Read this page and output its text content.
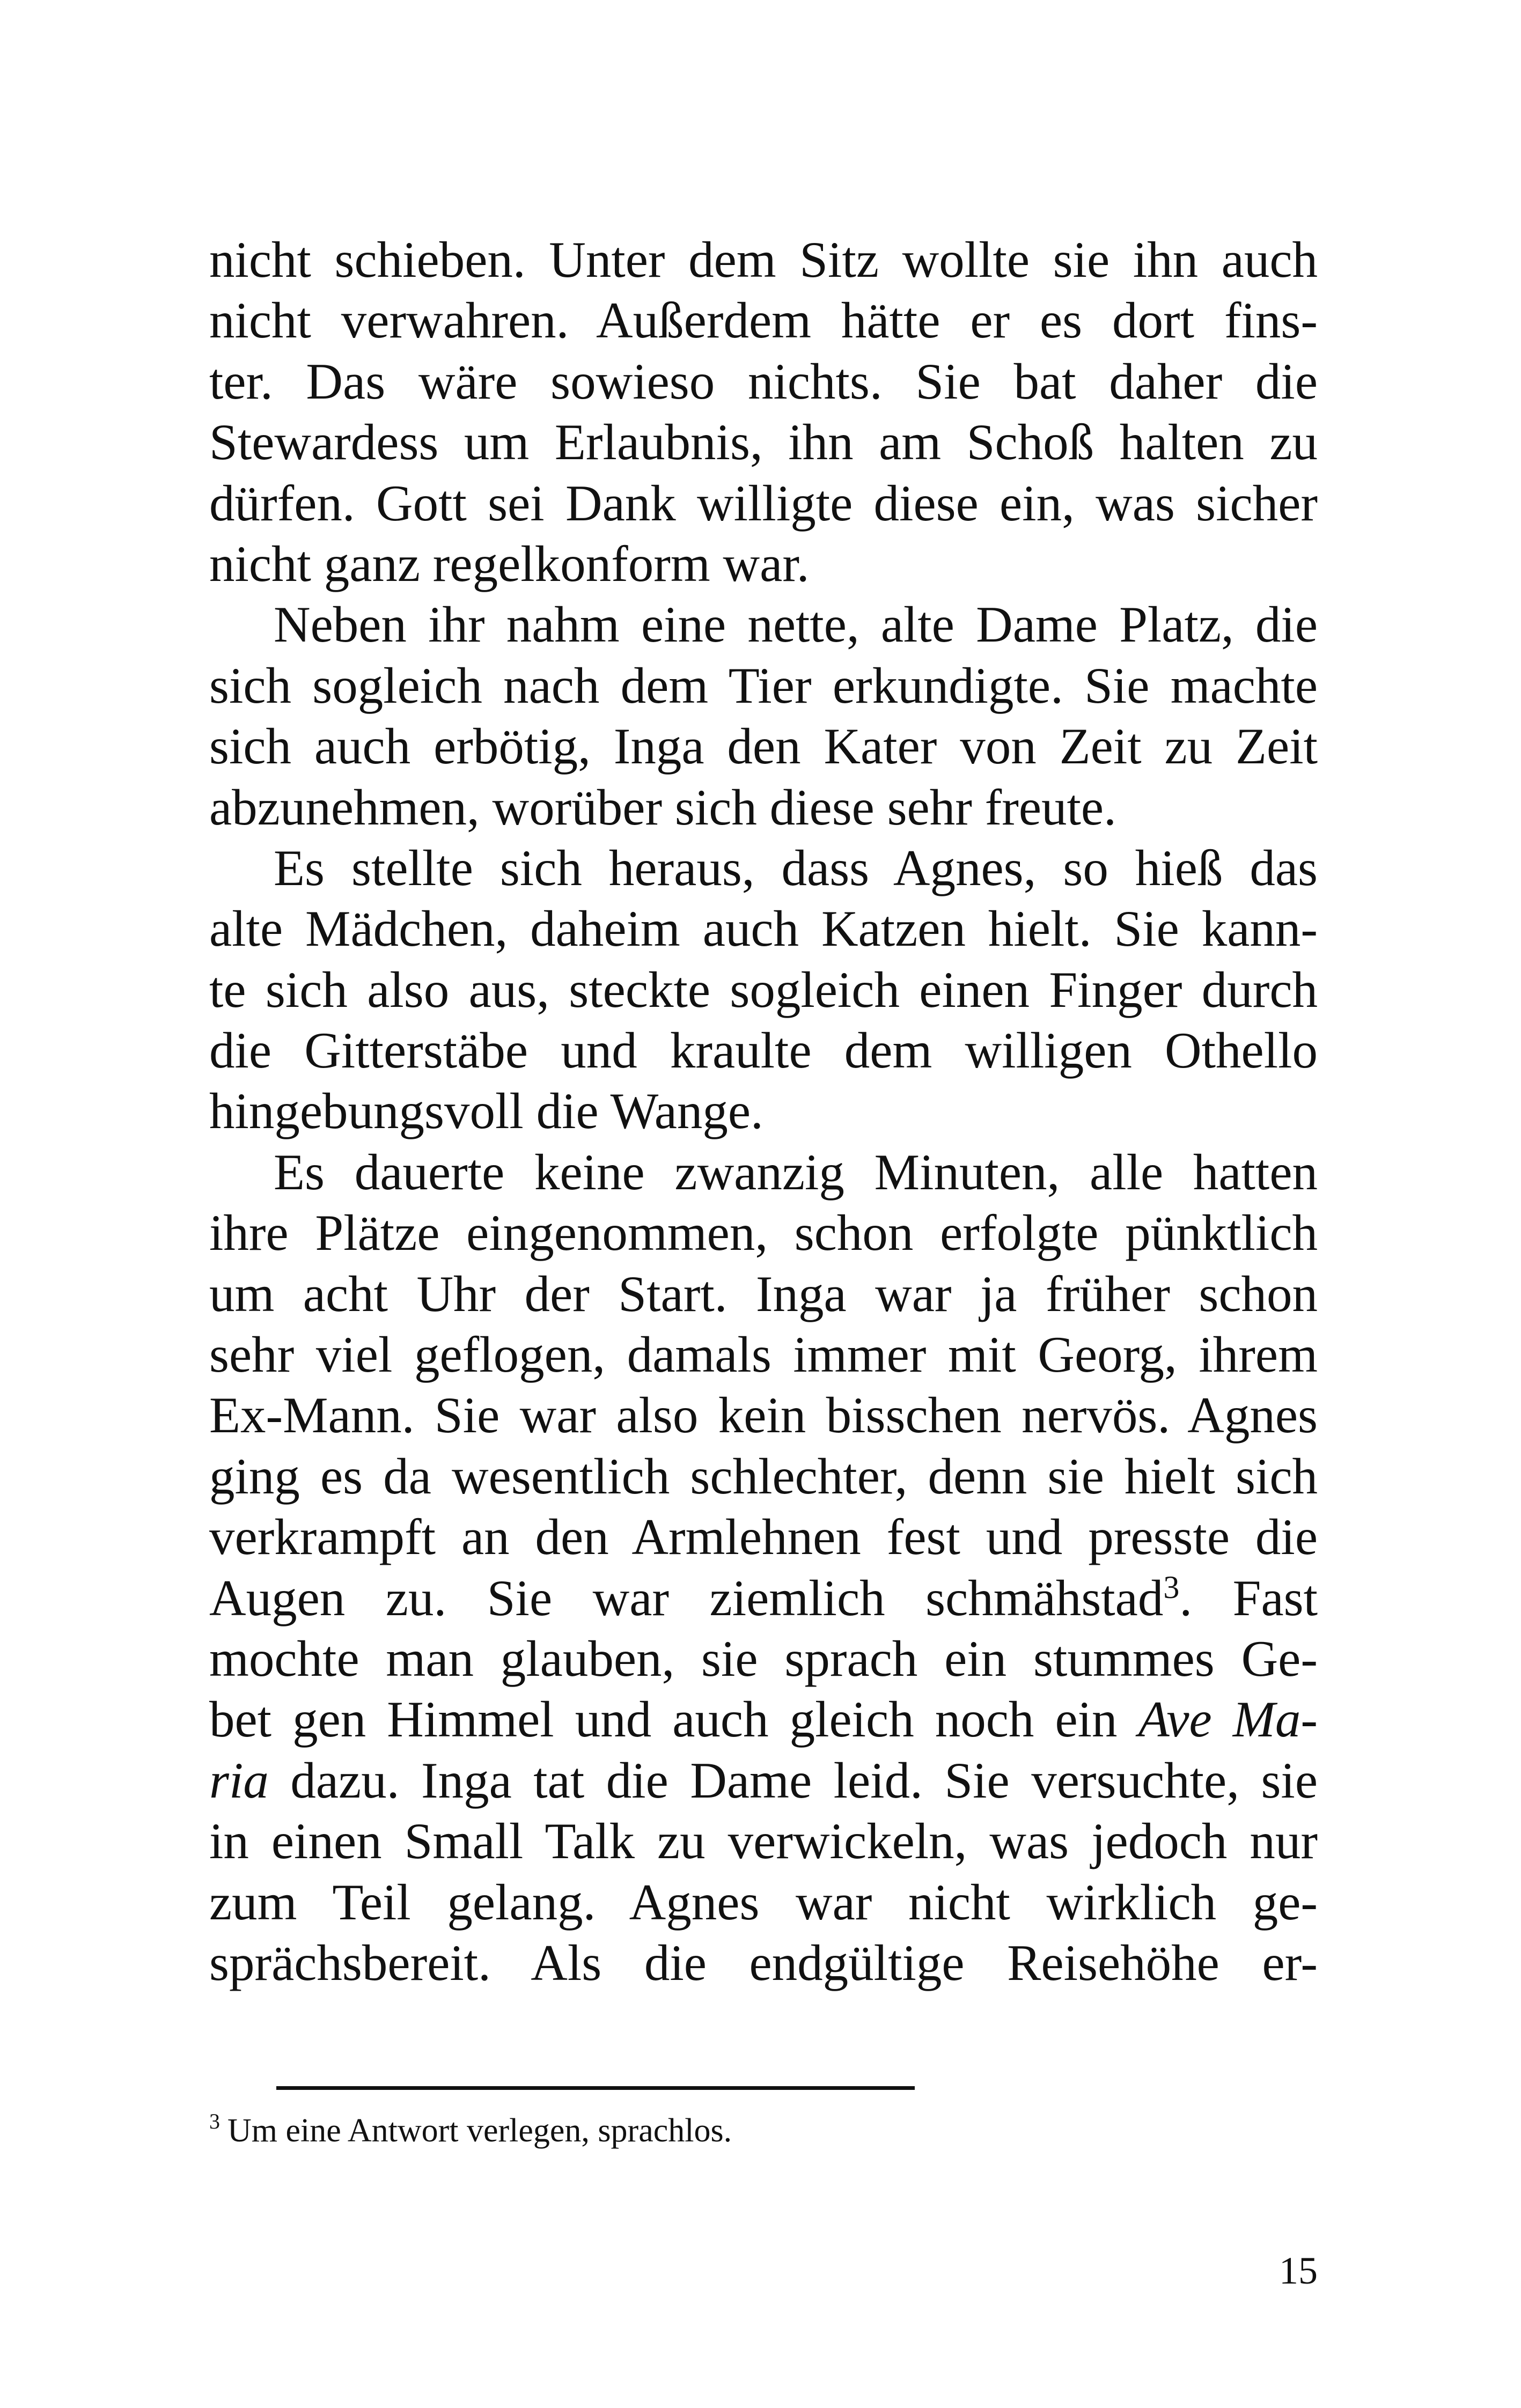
nicht schieben. Unter dem Sitz wollte sie ihn auch
nicht verwahren. Außerdem hätte er es dort fins-
ter. Das wäre sowieso nichts. Sie bat daher die
Stewardess um Erlaubnis, ihn am Schoß halten zu
dürfen. Gott sei Dank willigte diese ein, was sicher
nicht ganz regelkonform war.
Neben ihr nahm eine nette, alte Dame Platz, die
sich sogleich nach dem Tier erkundigte. Sie machte
sich auch erbötig, Inga den Kater von Zeit zu Zeit
abzunehmen, worüber sich diese sehr freute.
Es stellte sich heraus, dass Agnes, so hieß das
alte Mädchen, daheim auch Katzen hielt. Sie kann-
te sich also aus, steckte sogleich einen Finger durch
die Gitterstäbe und kraulte dem willigen Othello
hingebungsvoll die Wange.
Es dauerte keine zwanzig Minuten, alle hatten
ihre Plätze eingenommen, schon erfolgte pünktlich
um acht Uhr der Start. Inga war ja früher schon
sehr viel geflogen, damals immer mit Georg, ihrem
Ex-Mann. Sie war also kein bisschen nervös. Agnes
ging es da wesentlich schlechter, denn sie hielt sich
verkrampft an den Armlehnen fest und presste die
Augen zu. Sie war ziemlich schmähstad$^3$. Fast
mochte man glauben, sie sprach ein stummes Ge-
bet gen Himmel und auch gleich noch ein Ave Ma-
ria dazu. Inga tat die Dame leid. Sie versuchte, sie
in einen Small Talk zu verwickeln, was jedoch nur
zum Teil gelang. Agnes war nicht wirklich ge-
sprächsbereit. Als die endgültige Reisehöhe er-
$^3$ Um eine Antwort verlegen, sprachlos.
15
